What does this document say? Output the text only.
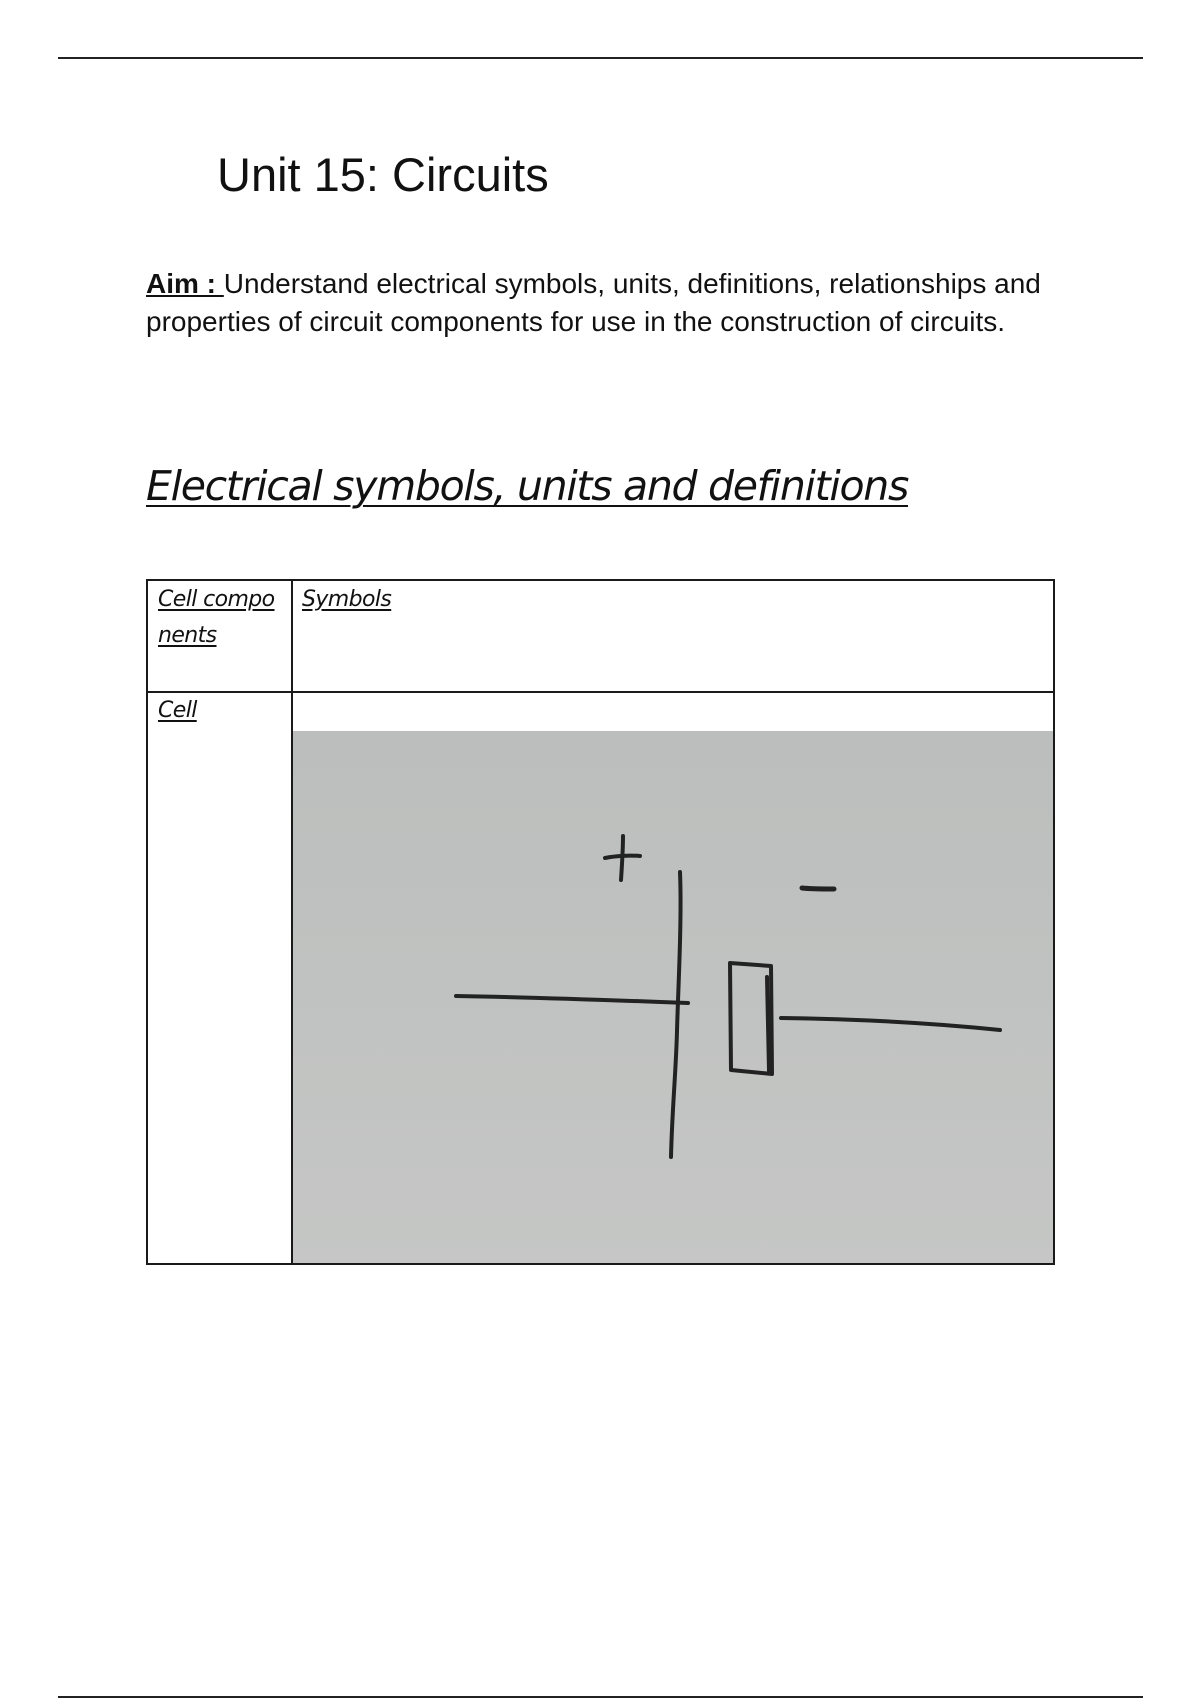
Unit 15: Circuits
Aim : Understand electrical symbols, units, definitions, relationships and properties of circuit components for use in the construction of circuits.
Electrical symbols, units and definitions
Cell components
Symbols
Cell
